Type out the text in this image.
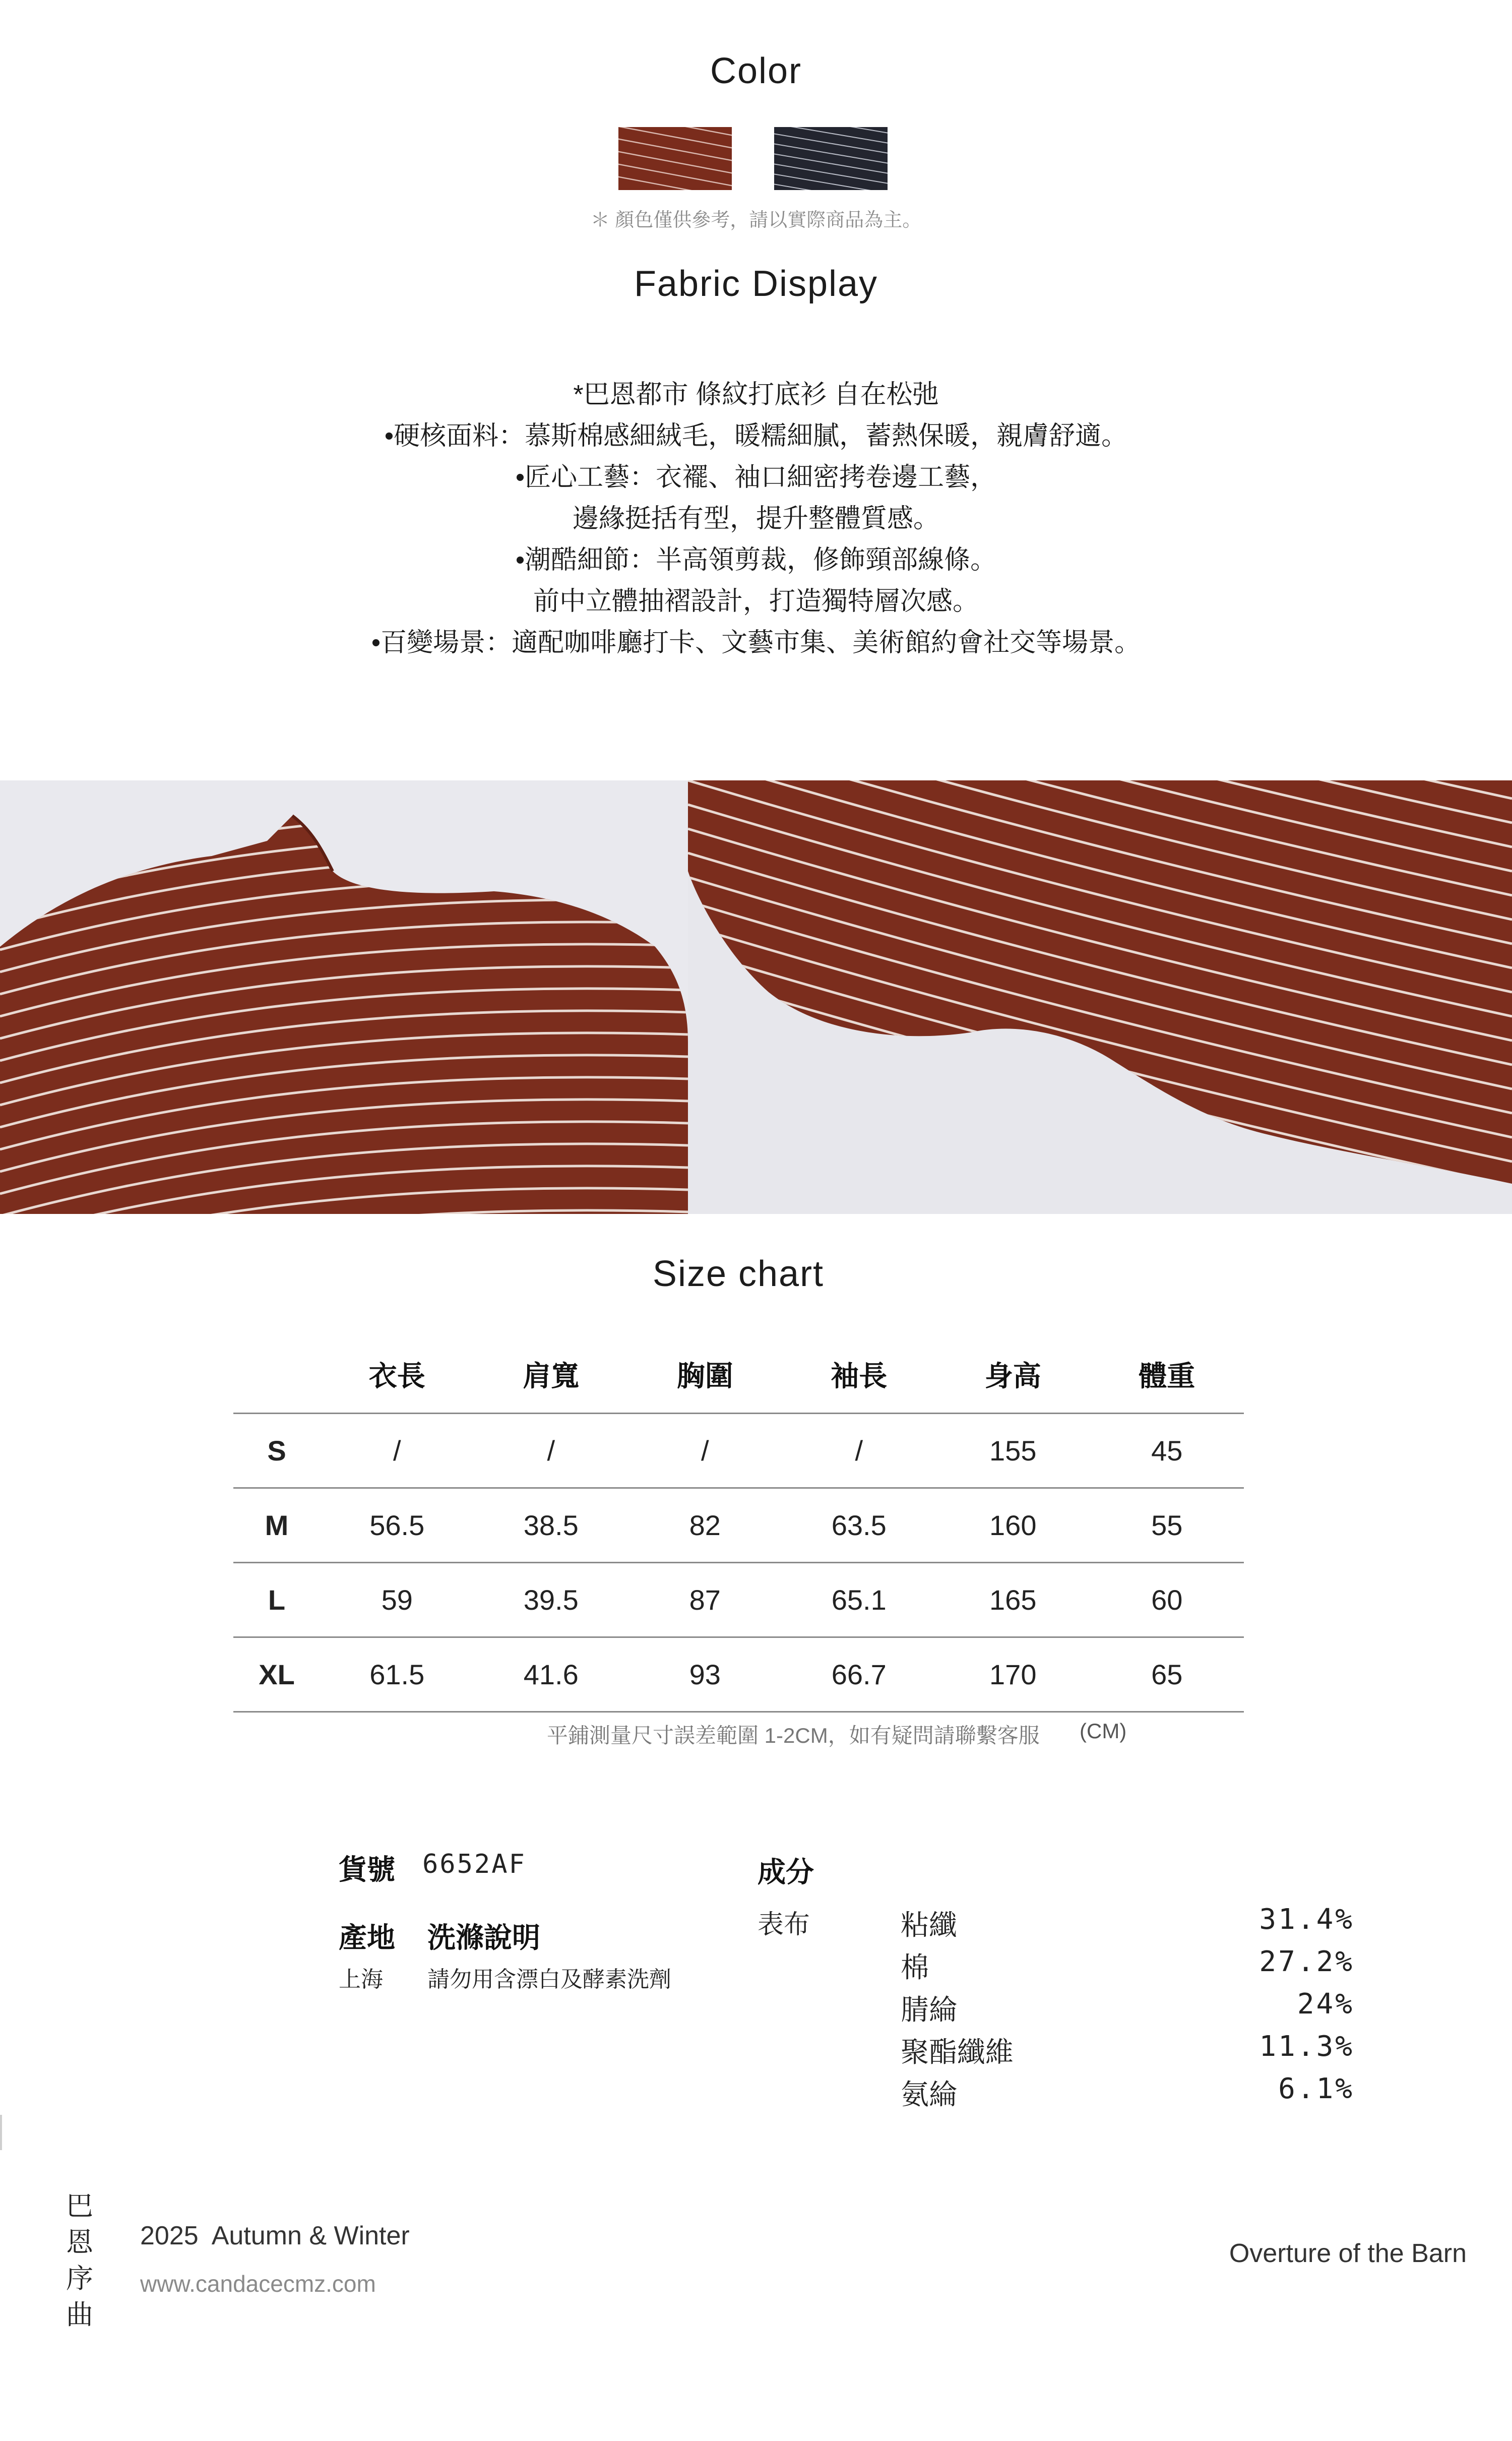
Color
＊ 顏色僅供參考，請以實際商品為主。
Fabric Display
*巴恩都市 條紋打底衫 自在松弛
•硬核面料：慕斯棉感細絨毛，暖糯細膩，蓄熱保暖，親膚舒適。
•匠心工藝：衣襬、袖口細密拷卷邊工藝，
邊緣挺括有型，提升整體質感。
•潮酷細節：半高領剪裁，修飾頸部線條。
前中立體抽褶設計，打造獨特層次感。
•百變場景：適配咖啡廳打卡、文藝市集、美術館約會社交等場景。
Size chart
	衣長	肩寬	胸圍	袖長	身高	體重
S	/	/	/	/	155	45
M	56.5	38.5	82	63.5	160	55
L	59	39.5	87	65.1	165	60
XL	61.5	41.6	93	66.7	170	65
平鋪測量尺寸誤差範圍 1-2CM，如有疑問請聯繫客服 (CM)
貨號 6652AF
產地 洗滌說明
上海 請勿用含漂白及酵素洗劑
成分
表布	粘纖	31.4%
棉	27.2%
腈綸	24%
聚酯纖維	11.3%
氨綸	6.1%
巴
恩
序
曲
2025  Autumn & Winter
www.candacecmz.com
Overture of the Barn
